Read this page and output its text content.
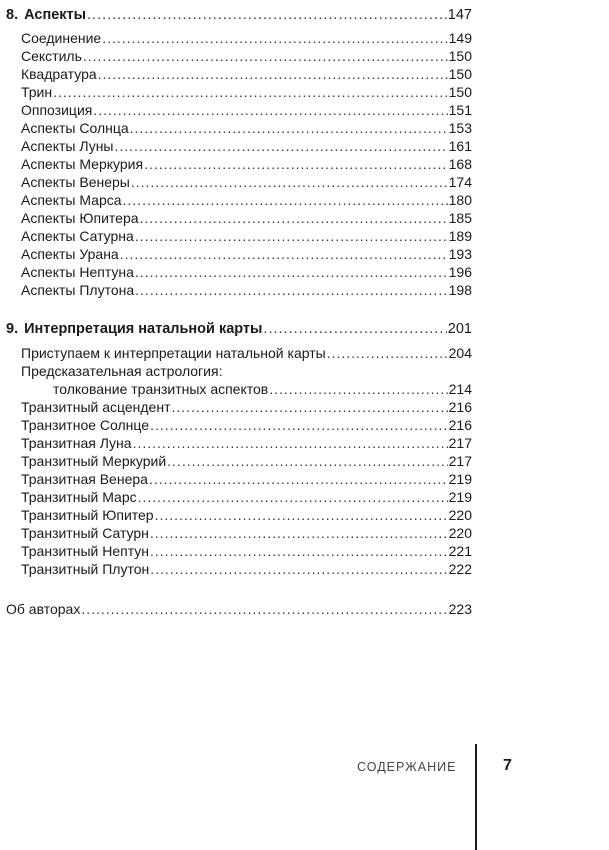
8. Аспекты .....	147
Соединение .....	149
Секстиль .....	150
Квадратура .....	150
Трин .....	150
Оппозиция .....	151
Аспекты Солнца .....	153
Аспекты Луны .....	161
Аспекты Меркурия .....	168
Аспекты Венеры .....	174
Аспекты Марса .....	180
Аспекты Юпитера .....	185
Аспекты Сатурна .....	189
Аспекты Урана .....	193
Аспекты Нептуна .....	196
Аспекты Плутона .....	198
9. Интерпретация натальной карты .....	201
Приступаем к интерпретации натальной карты .....	204
Предсказательная астрология:
толкование транзитных аспектов .....	214
Транзитный асцендент .....	216
Транзитное Солнце .....	216
Транзитная Луна .....	217
Транзитный Меркурий .....	217
Транзитная Венера .....	219
Транзитный Марс .....	219
Транзитный Юпитер .....	220
Транзитный Сатурн .....	220
Транзитный Нептун .....	221
Транзитный Плутон .....	222
Об авторах .....	223
СОДЕРЖАНИЕ	7
